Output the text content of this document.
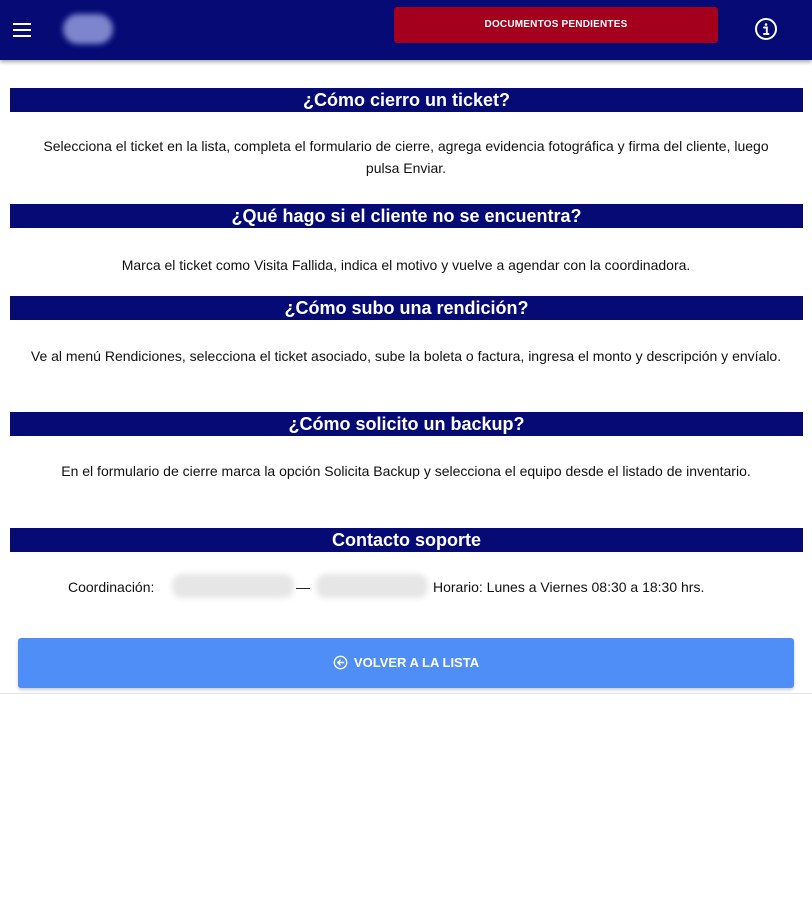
DOCUMENTOS PENDIENTES
¿Cómo cierro un ticket?
Selecciona el ticket en la lista, completa el formulario de cierre, agrega evidencia fotográfica y firma del cliente, luego pulsa Enviar.
¿Qué hago si el cliente no se encuentra?
Marca el ticket como Visita Fallida, indica el motivo y vuelve a agendar con la coordinadora.
¿Cómo subo una rendición?
Ve al menú Rendiciones, selecciona el ticket asociado, sube la boleta o factura, ingresa el monto y descripción y envíalo.
¿Cómo solicito un backup?
En el formulario de cierre marca la opción Solicita Backup y selecciona el equipo desde el listado de inventario.
Contacto soporte
Coordinación:	—	Horario: Lunes a Viernes 08:30 a 18:30 hrs.
VOLVER A LA LISTA
